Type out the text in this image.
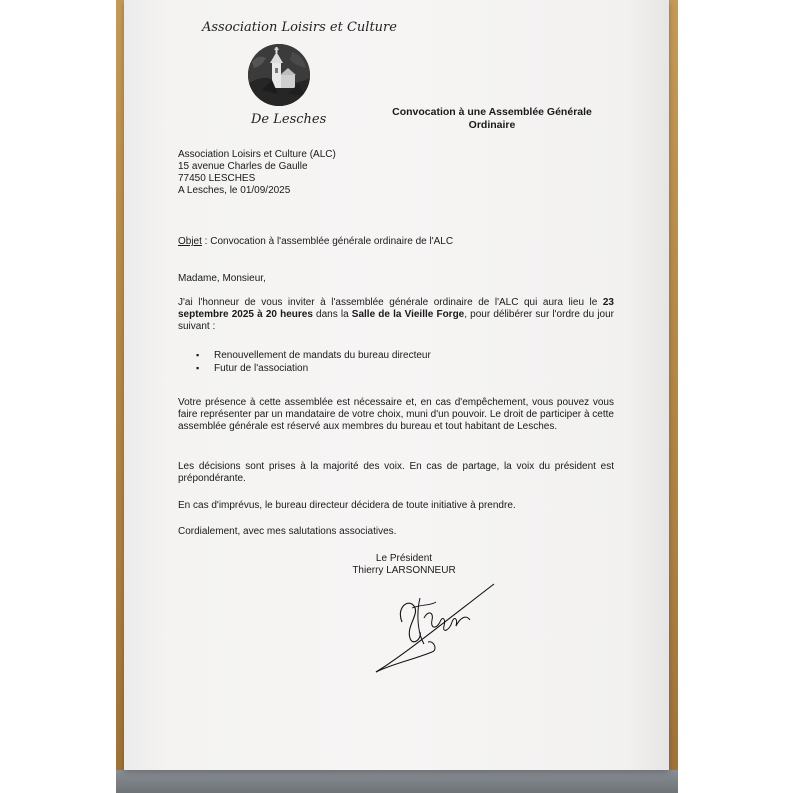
Association Loisirs et Culture
De Lesches	Convocation à une Assemblée Générale Ordinaire
Association Loisirs et Culture (ALC)
15 avenue Charles de Gaulle
77450 LESCHES
A Lesches, le 01/09/2025
Objet : Convocation à l'assemblée générale ordinaire de l'ALC
Madame, Monsieur,
J'ai l'honneur de vous inviter à l'assemblée générale ordinaire de l'ALC qui aura lieu le 23 septembre 2025 à 20 heures dans la Salle de la Vieille Forge, pour délibérer sur l'ordre du jour suivant :
▪ Renouvellement de mandats du bureau directeur
▪ Futur de l'association
Votre présence à cette assemblée est nécessaire et, en cas d'empêchement, vous pouvez vous faire représenter par un mandataire de votre choix, muni d'un pouvoir. Le droit de participer à cette assemblée générale est réservé aux membres du bureau et tout habitant de Lesches.
Les décisions sont prises à la majorité des voix. En cas de partage, la voix du président est prépondérante.
En cas d'imprévus, le bureau directeur décidera de toute initiative à prendre.
Cordialement, avec mes salutations associatives.
Le Président
Thierry LARSONNEUR
